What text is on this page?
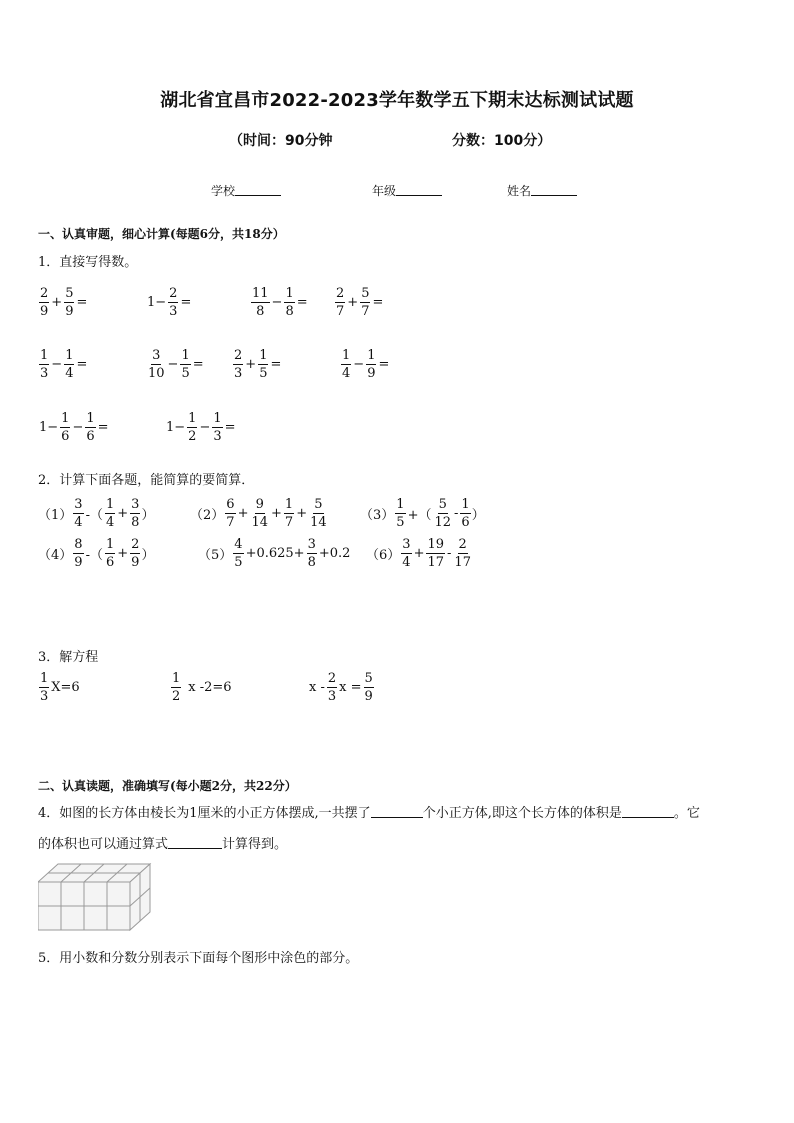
湖北省宜昌市2022-2023学年数学五下期末达标测试试题
（时间：90分钟	分数：100分）
学校	年级	姓名
一、认真审题，细心计算(每题6分，共18分）
1．直接写得数。
$\frac{2}{9} + \frac{5}{9}$ =	$1- \frac{2}{3}$ =	$\frac{11}{8} - \frac{1}{8} = \frac{2}{7} + \frac{5}{7}$ =
$\frac{1}{3} - \frac{1}{4}$ =	$\frac{3}{10} - \frac{1}{5} = \frac{2}{3} + \frac{1}{5}$ =	$\frac{1}{4} - \frac{1}{9}$ =
$1- \frac{1}{6} - \frac{1}{6}$ =	$1- \frac{1}{2} - \frac{1}{3}$ =
2．计算下面各题，能简算的要简算．
$(1) \frac{3}{4}$ -（ $\frac{1}{4} + \frac{3}{8}$ ）	$(2) \frac{6}{7} + \frac{9}{14} + \frac{1}{7} + \frac{5}{14} (3) \frac{1}{5}$ +（ $\frac{5}{12} - \frac{1}{6}$ ）
$(4) \frac{8}{9}$ -（ $\frac{1}{6} + \frac{2}{9}$ ）	$(5) \frac{4}{5} +0.625+ \frac{3}{8} +0.2$ $(6) \frac{3}{4} + \frac{19}{17} - \frac{2}{17}$
3．解方程
$\frac{1}{3} X=6$	$\frac{1}{2}$ x -2=6	x - $\frac{2}{3}$ $x = \frac{5}{9}$
二、认真读题，准确填写(每小题2分，共22分）
4．如图的长方体由棱长为1厘米的小正方体摆成,一共摆了	个小正方体,即这个长方体的体积是	。它
的体积也可以通过算式	计算得到。
5．用小数和分数分别表示下面每个图形中涂色的部分。
